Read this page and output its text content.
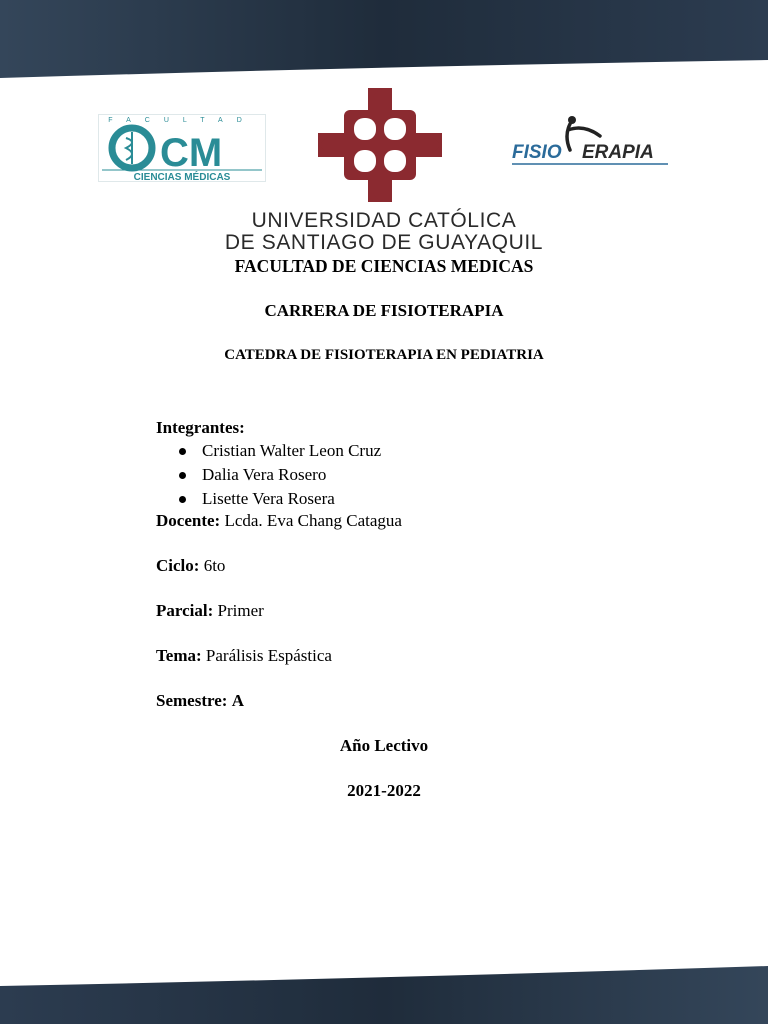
FACULTAD
CM
CIENCIAS MÉDICAS
FISIO ERAPIA

UNIVERSIDAD CATÓLICA

DE SANTIAGO DE GUAYAQUIL

FACULTAD DE CIENCIAS MEDICAS

CARRERA DE FISIOTERAPIA

CATEDRA DE FISIOTERAPIA EN PEDIATRIA

Integrantes:

Cristian Walter Leon Cruz
Dalia Vera Rosero
Lisette Vera Rosera

Docente: Lcda. Eva Chang Catagua

Ciclo: 6to

Parcial: Primer

Tema: Parálisis Espástica

Semestre: A

Año Lectivo

2021-2022
